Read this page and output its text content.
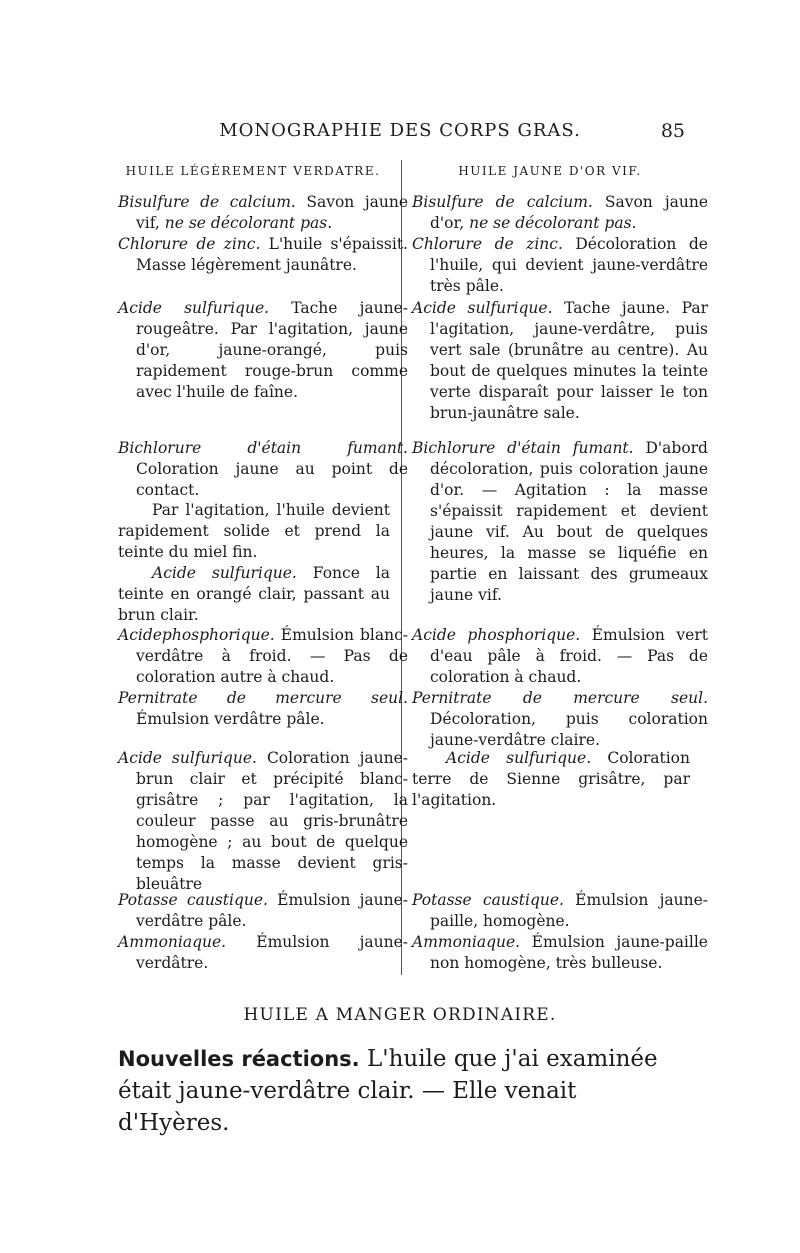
MONOGRAPHIE DES CORPS GRAS.	85
HUILE LÉGÈREMENT VERDATRE.	HUILE JAUNE D'OR VIF.
Bisulfure de calcium. Savon jaune vif, ne se décolorant pas.
Chlorure de zinc. L'huile s'épaissit. Masse légèrement jaunâtre.
Acide sulfurique. Tache jaune-rougeâtre. Par l'agitation, jaune d'or, jaune-orangé, puis rapidement rouge-brun comme avec l'huile de faîne.
Bichlorure d'étain fumant. Coloration jaune au point de contact.

Par l'agitation, l'huile devient rapidement solide et prend la teinte du miel fin.

Acide sulfurique. Fonce la teinte en orangé clair, passant au brun clair.

Acidephosphorique. Émulsion blanc-verdâtre à froid. — Pas de coloration autre à chaud.
Pernitrate de mercure seul. Émulsion verdâtre pâle.
Acide sulfurique. Coloration jaune-brun clair et précipité blanc-grisâtre ; par l'agitation, la couleur passe au gris-brunâtre homogène ; au bout de quelque temps la masse devient gris-bleuâtre
Potasse caustique. Émulsion jaune-verdâtre pâle.
Ammoniaque. Émulsion jaune-verdâtre.
Bisulfure de calcium. Savon jaune d'or, ne se décolorant pas.
Chlorure de zinc. Décoloration de l'huile, qui devient jaune-verdâtre très pâle.
Acide sulfurique. Tache jaune. Par l'agitation, jaune-verdâtre, puis vert sale (brunâtre au centre). Au bout de quelques minutes la teinte verte disparaît pour laisser le ton brun-jaunâtre sale.
Bichlorure d'étain fumant. D'abord décoloration, puis coloration jaune d'or. — Agitation : la masse s'épaissit rapidement et devient jaune vif. Au bout de quelques heures, la masse se liquéfie en partie en laissant des grumeaux jaune vif.
Acide phosphorique. Émulsion vert d'eau pâle à froid. — Pas de coloration à chaud.
Pernitrate de mercure seul. Décoloration, puis coloration jaune-verdâtre claire.

Acide sulfurique. Coloration terre de Sienne grisâtre, par l'agitation.

Potasse caustique. Émulsion jaune-paille, homogène.
Ammoniaque. Émulsion jaune-paille non homogène, très bulleuse.
HUILE A MANGER ORDINAIRE.
Nouvelles réactions. L'huile que j'ai examinée était jaune-verdâtre clair. — Elle venait d'Hyères.
